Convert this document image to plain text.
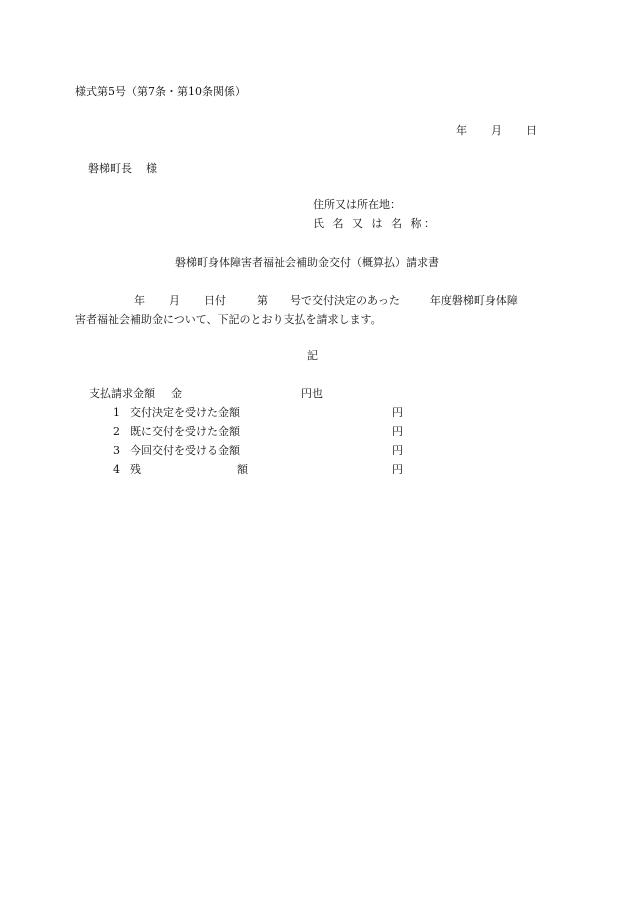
様式第5号（第7条・第10条関係）
年 月 日
磐梯町長 様
住所又は所在地：
氏 名 又 は 名 称：
磐梯町身体障害者福祉会補助金交付（概算払）請求書
年 月 日付	第 号で交付決定のあった	年度磐梯町身体障
害者福祉会補助金について、下記のとおり支払を請求します。
記
支払請求金額 金	円也
1 交付決定を受けた金額	円
2 既に交付を受けた金額	円
3 今回交付を受ける金額	円
4 残	額	円
